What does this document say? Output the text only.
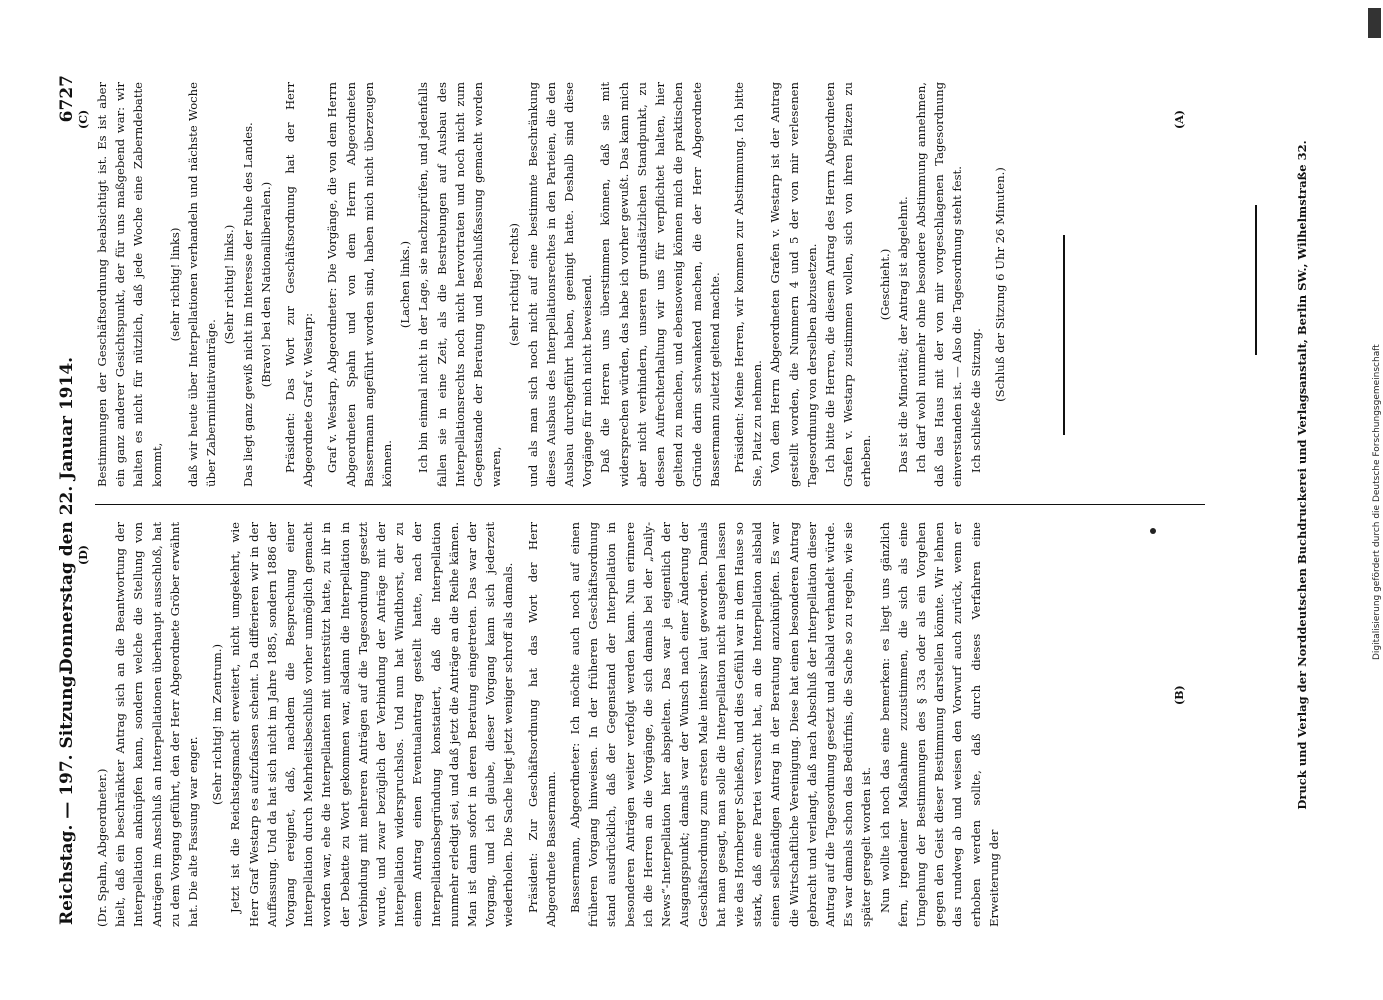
Reichstag. — 197. Sitzung.
Donnerstag den 22. Januar 1914.
6727

(Dr. Spahn, Abgeordneter.) hielt, daß ein beschränkter Antrag sich an die Beantwortung der Interpellation anknüpfen kann, sondern welche die Stellung von Anträgen im Anschluß an Interpellationen überhaupt ausschloß, hat zu dem Vorgang geführt, den der Herr Abgeordnete Gröber erwähnt hat. Die alte Fassung war enger.

(Sehr richtig! im Zentrum.) Jetzt ist die Reichstagsmacht erweitert, nicht umgekehrt, wie Herr Graf Westarp es aufzufassen scheint. Da differieren wir in der Auffassung. Und da hat sich nicht im Jahre 1885, sondern 1886 der Vorgang ereignet, daß, nachdem die Besprechung einer Interpellation durch Mehrheitsbeschluß vorher unmöglich gemacht worden war, ehe die Interpellanten mit unterstützt hatte, zu ihr in der Debatte zu Wort gekommen war, alsdann die Interpellation in Verbindung mit mehreren Anträgen auf die Tagesordnung gesetzt wurde, und zwar bezüglich der Verbindung der Anträge mit der Interpellation widerspruchslos. Und nun hat Windthorst, der zu einem Antrag einen Eventualantrag gestellt hatte, nach der Interpellationsbegründung konstatiert, daß die Interpellation nunmehr erledigt sei, und daß jetzt die Anträge an die Reihe kämen. Man ist dann sofort in deren Beratung eingetreten. Das war der Vorgang, und ich glaube, dieser Vorgang kann sich jederzeit wiederholen. Die Sache liegt jetzt weniger schroff als damals. Präsident: Zur Geschäftsordnung hat das Wort der Herr Abgeordnete Bassermann. Bassermann, Abgeordneter: Ich möchte auch noch auf einen früheren Vorgang hinweisen. In der früheren Geschäftsordnung stand ausdrücklich, daß der Gegenstand der Interpellation in besonderen Anträgen weiter verfolgt werden kann. Nun erinnere ich die Herren an die Vorgänge, die sich damals bei der „Daily-News“-Interpellation hier abspielten. Das war ja eigentlich der Ausgangspunkt; damals war der Wunsch nach einer Änderung der Geschäftsordnung zum ersten Male intensiv laut geworden. Damals hat man gesagt, man solle die Interpellation nicht ausgehen lassen wie das Hornberger Schießen, und dies Gefühl war in dem Hause so stark, daß eine Partei versucht hat, an die Interpellation alsbald einen selbständigen Antrag in der Beratung anzuknüpfen. Es war die Wirtschaftliche Vereinigung. Diese hat einen besonderen Antrag gebracht und verlangt, daß nach Abschluß der Interpellation dieser Antrag auf die Tagesordnung gesetzt und alsbald verhandelt würde. Es war damals schon das Bedürfnis, die Sache so zu regeln, wie sie später geregelt worden ist. Nun wollte ich noch das eine bemerken: es liegt uns gänzlich fern, irgendeiner Maßnahme zuzustimmen, die sich als eine Umgehung der Bestimmungen des § 33a oder als ein Vorgehen gegen den Geist dieser Bestimmung darstellen könnte. Wir lehnen das rundweg ab und weisen den Vorwurf auch zurück, wenn er erhoben werden sollte, daß durch dieses Verfahren eine Erweiterung der

Bestimmungen der Geschäftsordnung beabsichtigt ist. Es ist aber ein ganz anderer Gesichtspunkt, der für uns maßgebend war: wir halten es nicht für nützlich, daß jede Woche eine Zaberndebatte kommt,

(sehr richtig! links) daß wir heute über Interpellationen verhandeln und nächste Woche über Zaberninitiativanträge.

(Sehr richtig! links.) Das liegt ganz gewiß nicht im Interesse der Ruhe des Landes. (Bravo! bei den Nationalliberalen.) Präsident: Das Wort zur Geschäftsordnung hat der Herr Abgeordnete Graf v. Westarp: Graf v. Westarp, Abgeordneter: Die Vorgänge, die von dem Herrn Abgeordneten Spahn und von dem Herrn Abgeordneten Bassermann angeführt worden sind, haben mich nicht überzeugen können.

(Lachen links.) Ich bin einmal nicht in der Lage, sie nachzuprüfen, und jedenfalls fallen sie in eine Zeit, als die Bestrebungen auf Ausbau des Interpellationsrechts noch nicht hervortraten und noch nicht zum Gegenstande der Beratung und Beschlußfassung gemacht worden waren,

(sehr richtig! rechts) und als man sich noch nicht auf eine bestimmte Beschränkung dieses Ausbaus des Interpellationsrechtes in den Parteien, die den Ausbau durchgeführt haben, geeinigt hatte. Deshalb sind diese Vorgänge für mich nicht beweisend. Daß die Herren uns überstimmen können, daß sie mit widersprechen würden, das habe ich vorher gewußt. Das kann mich aber nicht verhindern, unseren grundsätzlichen Standpunkt, zu dessen Aufrechterhaltung wir uns für verpflichtet halten, hier geltend zu machen, und ebensowenig können mich die praktischen Gründe darin schwankend machen, die der Herr Abgeordnete Bassermann zuletzt geltend machte. Präsident: Meine Herren, wir kommen zur Abstimmung. Ich bitte Sie, Platz zu nehmen. Von dem Herrn Abgeordneten Grafen v. Westarp ist der Antrag gestellt worden, die Nummern 4 und 5 der von mir verlesenen Tagesordnung von derselben abzusetzen. Ich bitte die Herren, die diesem Antrag des Herrn Abgeordneten Grafen v. Westarp zustimmen wollen, sich von ihren Plätzen zu erheben.

(Geschieht.) Das ist die Minorität; der Antrag ist abgelehnt. Ich darf wohl nunmehr ohne besondere Abstimmung annehmen, daß das Haus mit der von mir vorgeschlagenen Tagesordnung einverstanden ist. — Also die Tagesordnung steht fest. Ich schließe die Sitzung. (Schluß der Sitzung 6 Uhr 26 Minuten.)

(A)
(B)
(C)
(D)	Druck und Verlag der Norddeutschen Buchdruckerei und Verlagsanstalt, Berlin SW., Wilhelmstraße 32.	Digitalisierung gefördert durch die Deutsche Forschungsgemeinschaft
